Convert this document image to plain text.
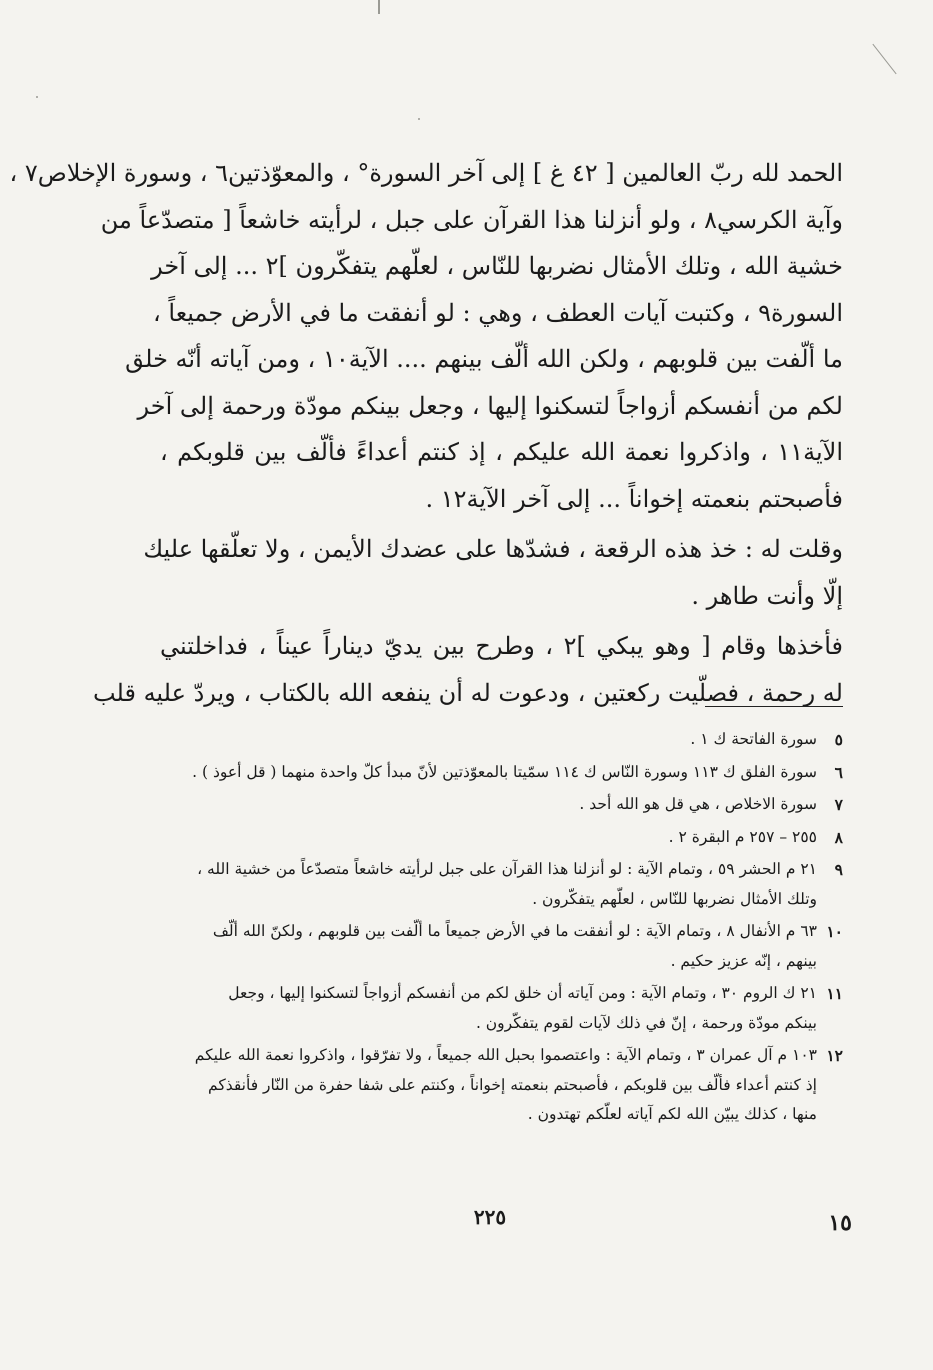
الحمد لله ربّ العالمين [ ٤٢ غ ] إلى آخر السورة° ، والمعوّذتين٦ ، وسورة الإخلاص٧ ،
وآية الكرسي٨ ، ولو أنزلنا هذا القرآن على جبل ، لرأيته خاشعاً [ متصدّعاً من
خشية الله ، وتلك الأمثال نضربها للنّاس ، لعلّهم يتفكّرون ]٢ ... إلى آخر
السورة٩ ، وكتبت آيات العطف ، وهي : لو أنفقت ما في الأرض جميعاً ،
ما ألّفت بين قلوبهم ، ولكن الله ألّف بينهم .... الآية١٠ ، ومن آياته أنّه خلق
لكم من أنفسكم أزواجاً لتسكنوا إليها ، وجعل بينكم مودّة ورحمة إلى آخر
الآية١١ ، واذكروا نعمة الله عليكم ، إذ كنتم أعداءً فألّف بين قلوبكم ،
فأصبحتم بنعمته إخواناً ... إلى آخر الآية١٢ .

وقلت له : خذ هذه الرقعة ، فشدّها على عضدك الأيمن ، ولا تعلّقها عليك
إلّا وأنت طاهر .

فأخذها وقام [ وهو يبكي ]٢ ، وطرح بين يديّ ديناراً عيناً ، فداخلتني
له رحمة ، فصلّيت ركعتين ، ودعوت له أن ينفعه الله بالكتاب ، ويردّ عليه قلب

٥
سورة الفاتحة ك ١ .
٦
سورة الفلق ك ١١٣ وسورة النّاس ك ١١٤ سمّيتا بالمعوّذتين لأنّ مبدأ كلّ واحدة منهما ( قل أعوذ ) .
٧
سورة الاخلاص ، هي قل هو الله أحد .
٨
٢٥٥ – ٢٥٧ م البقرة ٢ .
٩
٢١ م الحشر ٥٩ ، وتمام الآية : لو أنزلنا هذا القرآن على جبل لرأيته خاشعاً متصدّعاً من خشية الله ،
وتلك الأمثال نضربها للنّاس ، لعلّهم يتفكّرون .
١٠
٦٣ م الأنفال ٨ ، وتمام الآية : لو أنفقت ما في الأرض جميعاً ما ألّفت بين قلوبهم ، ولكنّ الله ألّف
بينهم ، إنّه عزيز حكيم .
١١
٢١ ك الروم ٣٠ ، وتمام الآية : ومن آياته أن خلق لكم من أنفسكم أزواجاً لتسكنوا إليها ، وجعل
بينكم مودّة ورحمة ، إنّ في ذلك لآيات لقوم يتفكّرون .
١٢
١٠٣ م آل عمران ٣ ، وتمام الآية : واعتصموا بحبل الله جميعاً ، ولا تفرّقوا ، واذكروا نعمة الله عليكم
إذ كنتم أعداء فألّف بين قلوبكم ، فأصبحتم بنعمته إخواناً ، وكنتم على شفا حفرة من النّار فأنقذكم
منها ، كذلك يبيّن الله لكم آياته لعلّكم تهتدون .
٢٢٥	١٥
